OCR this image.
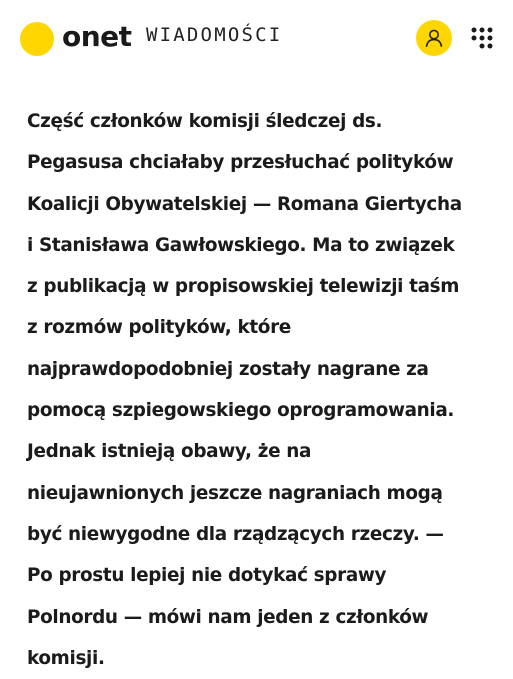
onet WIADOMOŚCI

Część członków komisji śledczej ds.
Pegasusa chciałaby przesłuchać polityków
Koalicji Obywatelskiej — Romana Giertycha
i Stanisława Gawłowskiego. Ma to związek
z publikacją w propisowskiej telewizji taśm
z rozmów polityków, które
najprawdopodobniej zostały nagrane za
pomocą szpiegowskiego oprogramowania.
Jednak istnieją obawy, że na
nieujawnionych jeszcze nagraniach mogą
być niewygodne dla rządzących rzeczy. —
Po prostu lepiej nie dotykać sprawy
Polnordu — mówi nam jeden z członków
komisji.
